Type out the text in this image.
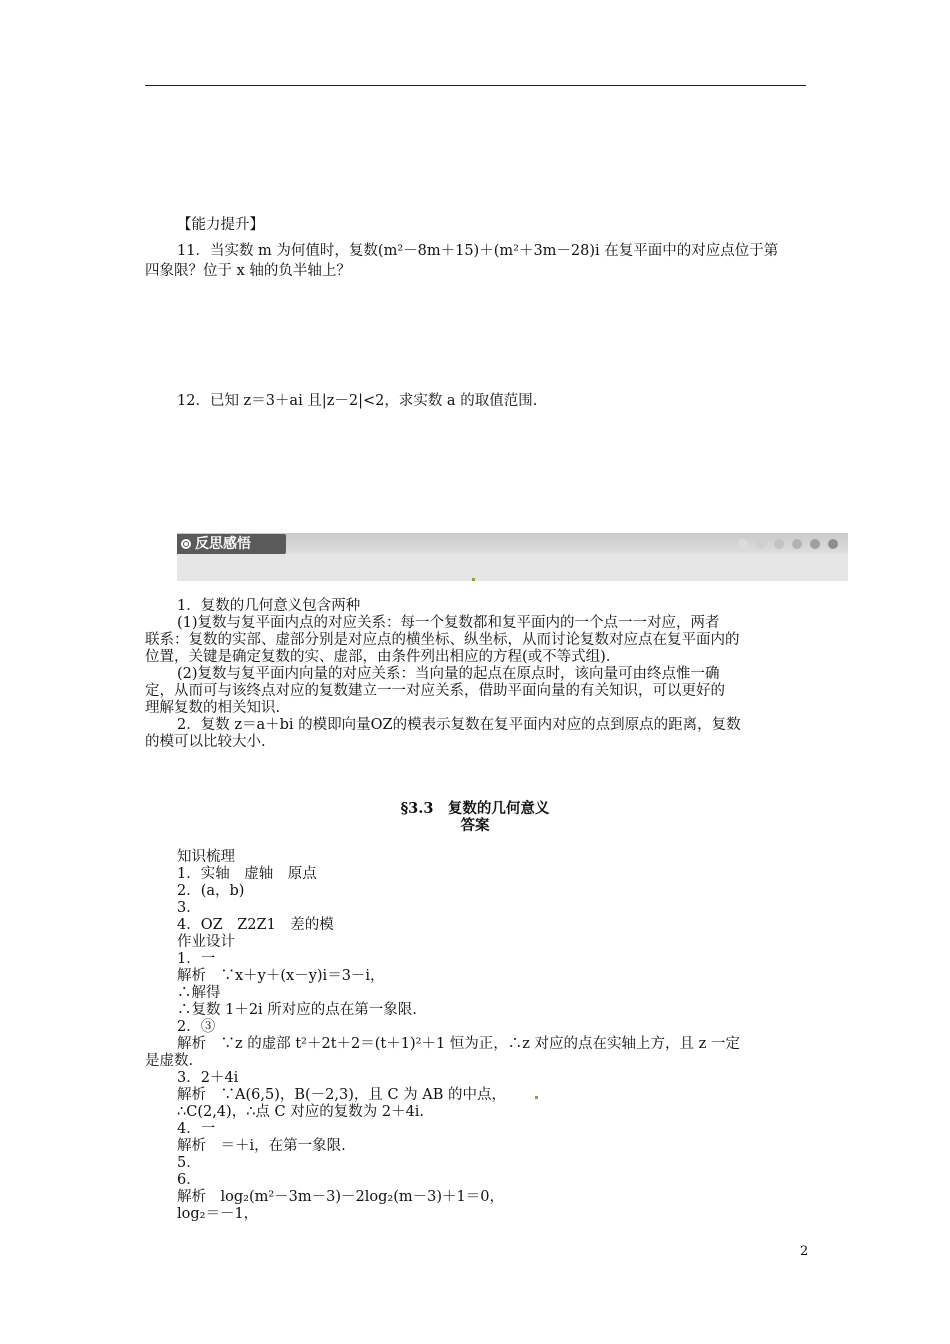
【能力提升】
11．当实数 m 为何值时，复数(m²－8m＋15)＋(m²＋3m－28)i 在复平面中的对应点位于第
四象限？位于 x 轴的负半轴上？
12．已知 z＝3＋ai 且|z－2|<2，求实数 a 的取值范围.
反思感悟
1．复数的几何意义包含两种
(1)复数与复平面内点的对应关系：每一个复数都和复平面内的一个点一一对应，两者
联系：复数的实部、虚部分别是对应点的横坐标、纵坐标，从而讨论复数对应点在复平面内的
位置，关键是确定复数的实、虚部，由条件列出相应的方程(或不等式组).
(2)复数与复平面内向量的对应关系：当向量的起点在原点时，该向量可由终点惟一确
定，从而可与该终点对应的复数建立一一对应关系，借助平面向量的有关知识，可以更好的
理解复数的相关知识.
2．复数 z＝a＋bi 的模即向量OZ的模表示复数在复平面内对应的点到原点的距离，复数
的模可以比较大小.
§3.3　复数的几何意义
答案
知识梳理
1．实轴　虚轴　原点
2．(a，b)
3．
4．OZ　Z2Z1　差的模
作业设计
1．一
解析　∵x＋y＋(x－y)i＝3－i，
∴解得
∴复数 1＋2i 所对应的点在第一象限.
2．③
解析　∵z 的虚部 t²＋2t＋2＝(t＋1)²＋1 恒为正，∴z 对应的点在实轴上方，且 z 一定
是虚数.
3．2＋4i
解析　∵A(6,5)，B(－2,3)，且 C 为 AB 的中点，
∴C(2,4)，∴点 C 对应的复数为 2＋4i.
4．一
解析　＝＋i，在第一象限.
5．
6．
解析　log₂(m²－3m－3)－2log₂(m－3)＋1＝0，
log₂＝－1，
2
